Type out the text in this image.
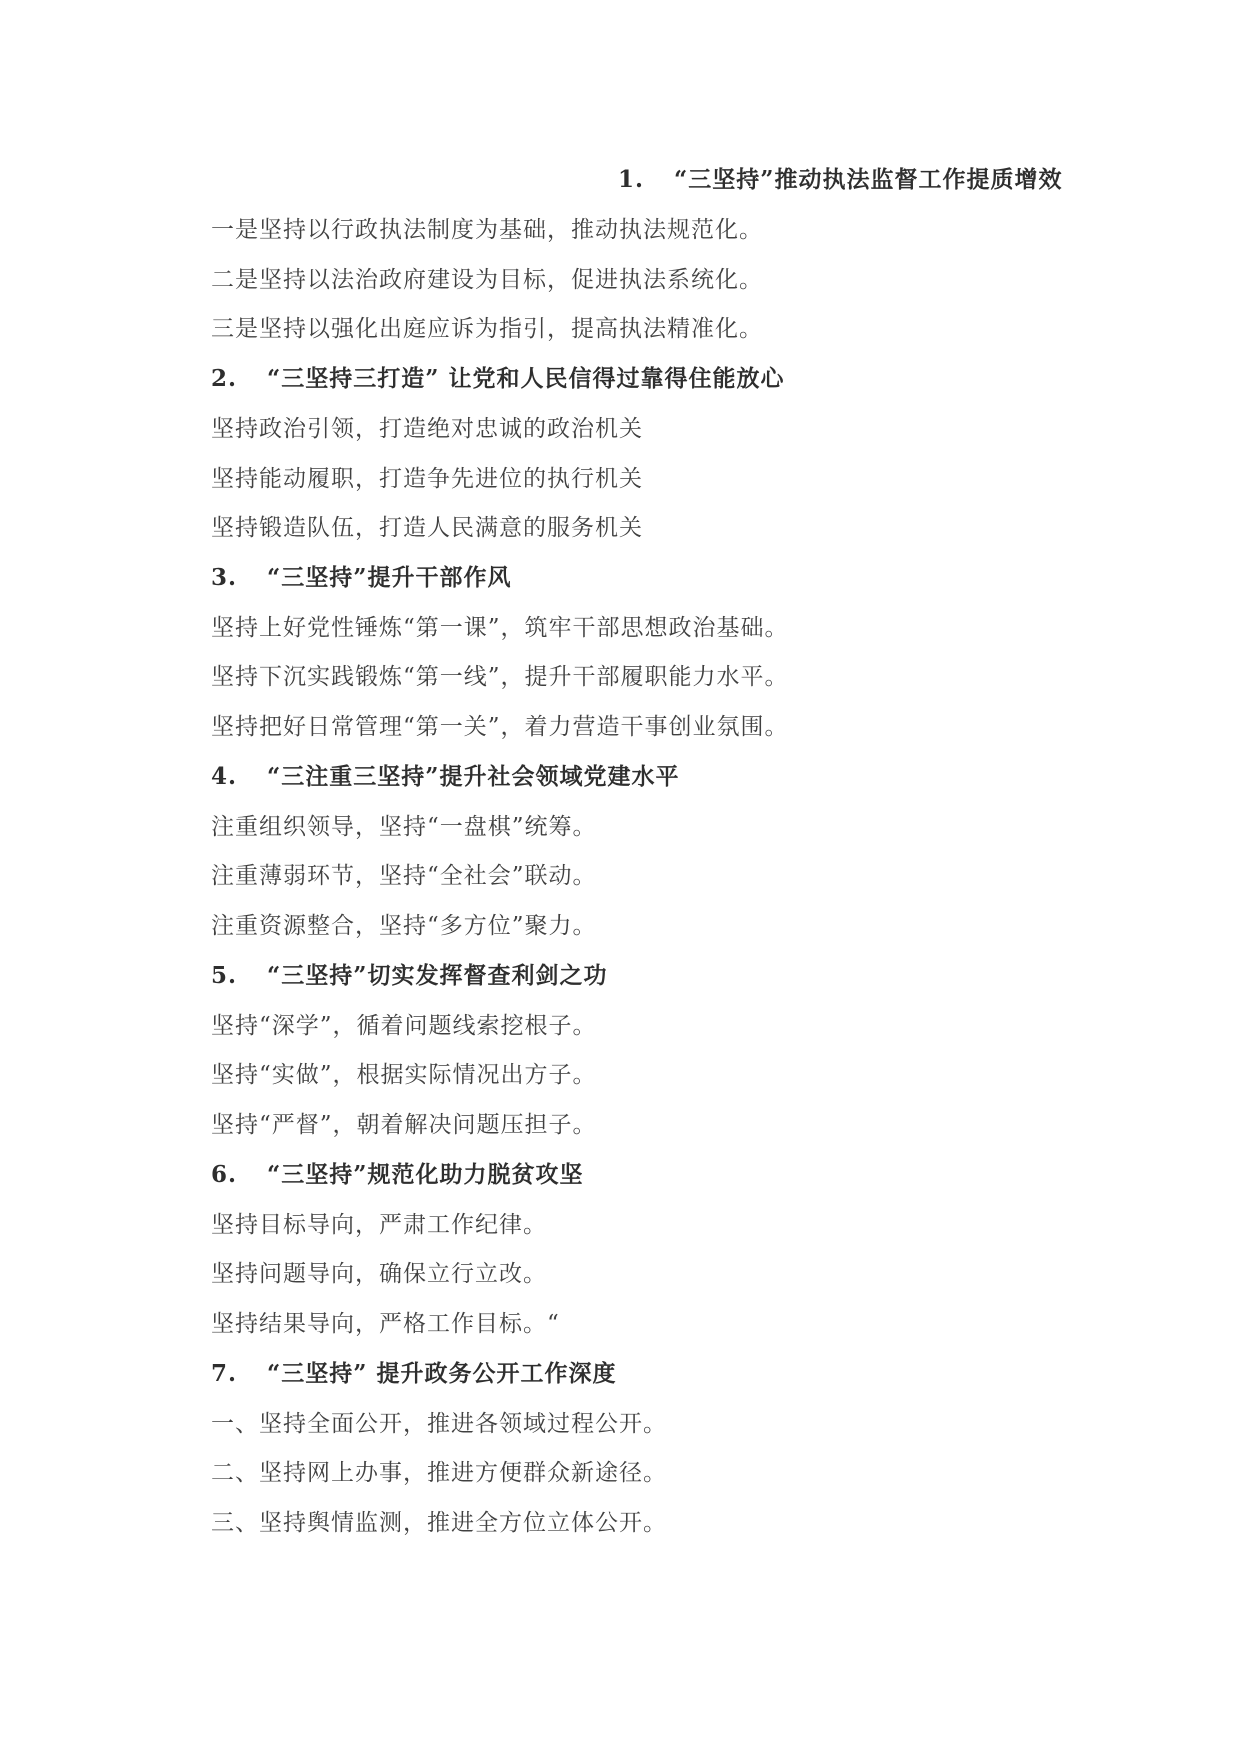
1. “三坚持”推动执法监督工作提质增效
一是坚持以行政执法制度为基础，推动执法规范化。
二是坚持以法治政府建设为目标，促进执法系统化。
三是坚持以强化出庭应诉为指引，提高执法精准化。
2. “三坚持三打造” 让党和人民信得过靠得住能放心
坚持政治引领，打造绝对忠诚的政治机关
坚持能动履职，打造争先进位的执行机关
坚持锻造队伍，打造人民满意的服务机关
3. “三坚持”提升干部作风
坚持上好党性锤炼“第一课”，筑牢干部思想政治基础。
坚持下沉实践锻炼“第一线”，提升干部履职能力水平。
坚持把好日常管理“第一关”，着力营造干事创业氛围。
4. “三注重三坚持”提升社会领域党建水平
注重组织领导，坚持“一盘棋”统筹。
注重薄弱环节，坚持“全社会”联动。
注重资源整合，坚持“多方位”聚力。
5. “三坚持”切实发挥督查利剑之功
坚持“深学”，循着问题线索挖根子。
坚持“实做”，根据实际情况出方子。
坚持“严督”，朝着解决问题压担子。
6. “三坚持”规范化助力脱贫攻坚
坚持目标导向，严肃工作纪律。
坚持问题导向，确保立行立改。
坚持结果导向，严格工作目标。“
7. “三坚持” 提升政务公开工作深度
一、坚持全面公开，推进各领域过程公开。
二、坚持网上办事，推进方便群众新途径。
三、坚持舆情监测，推进全方位立体公开。
